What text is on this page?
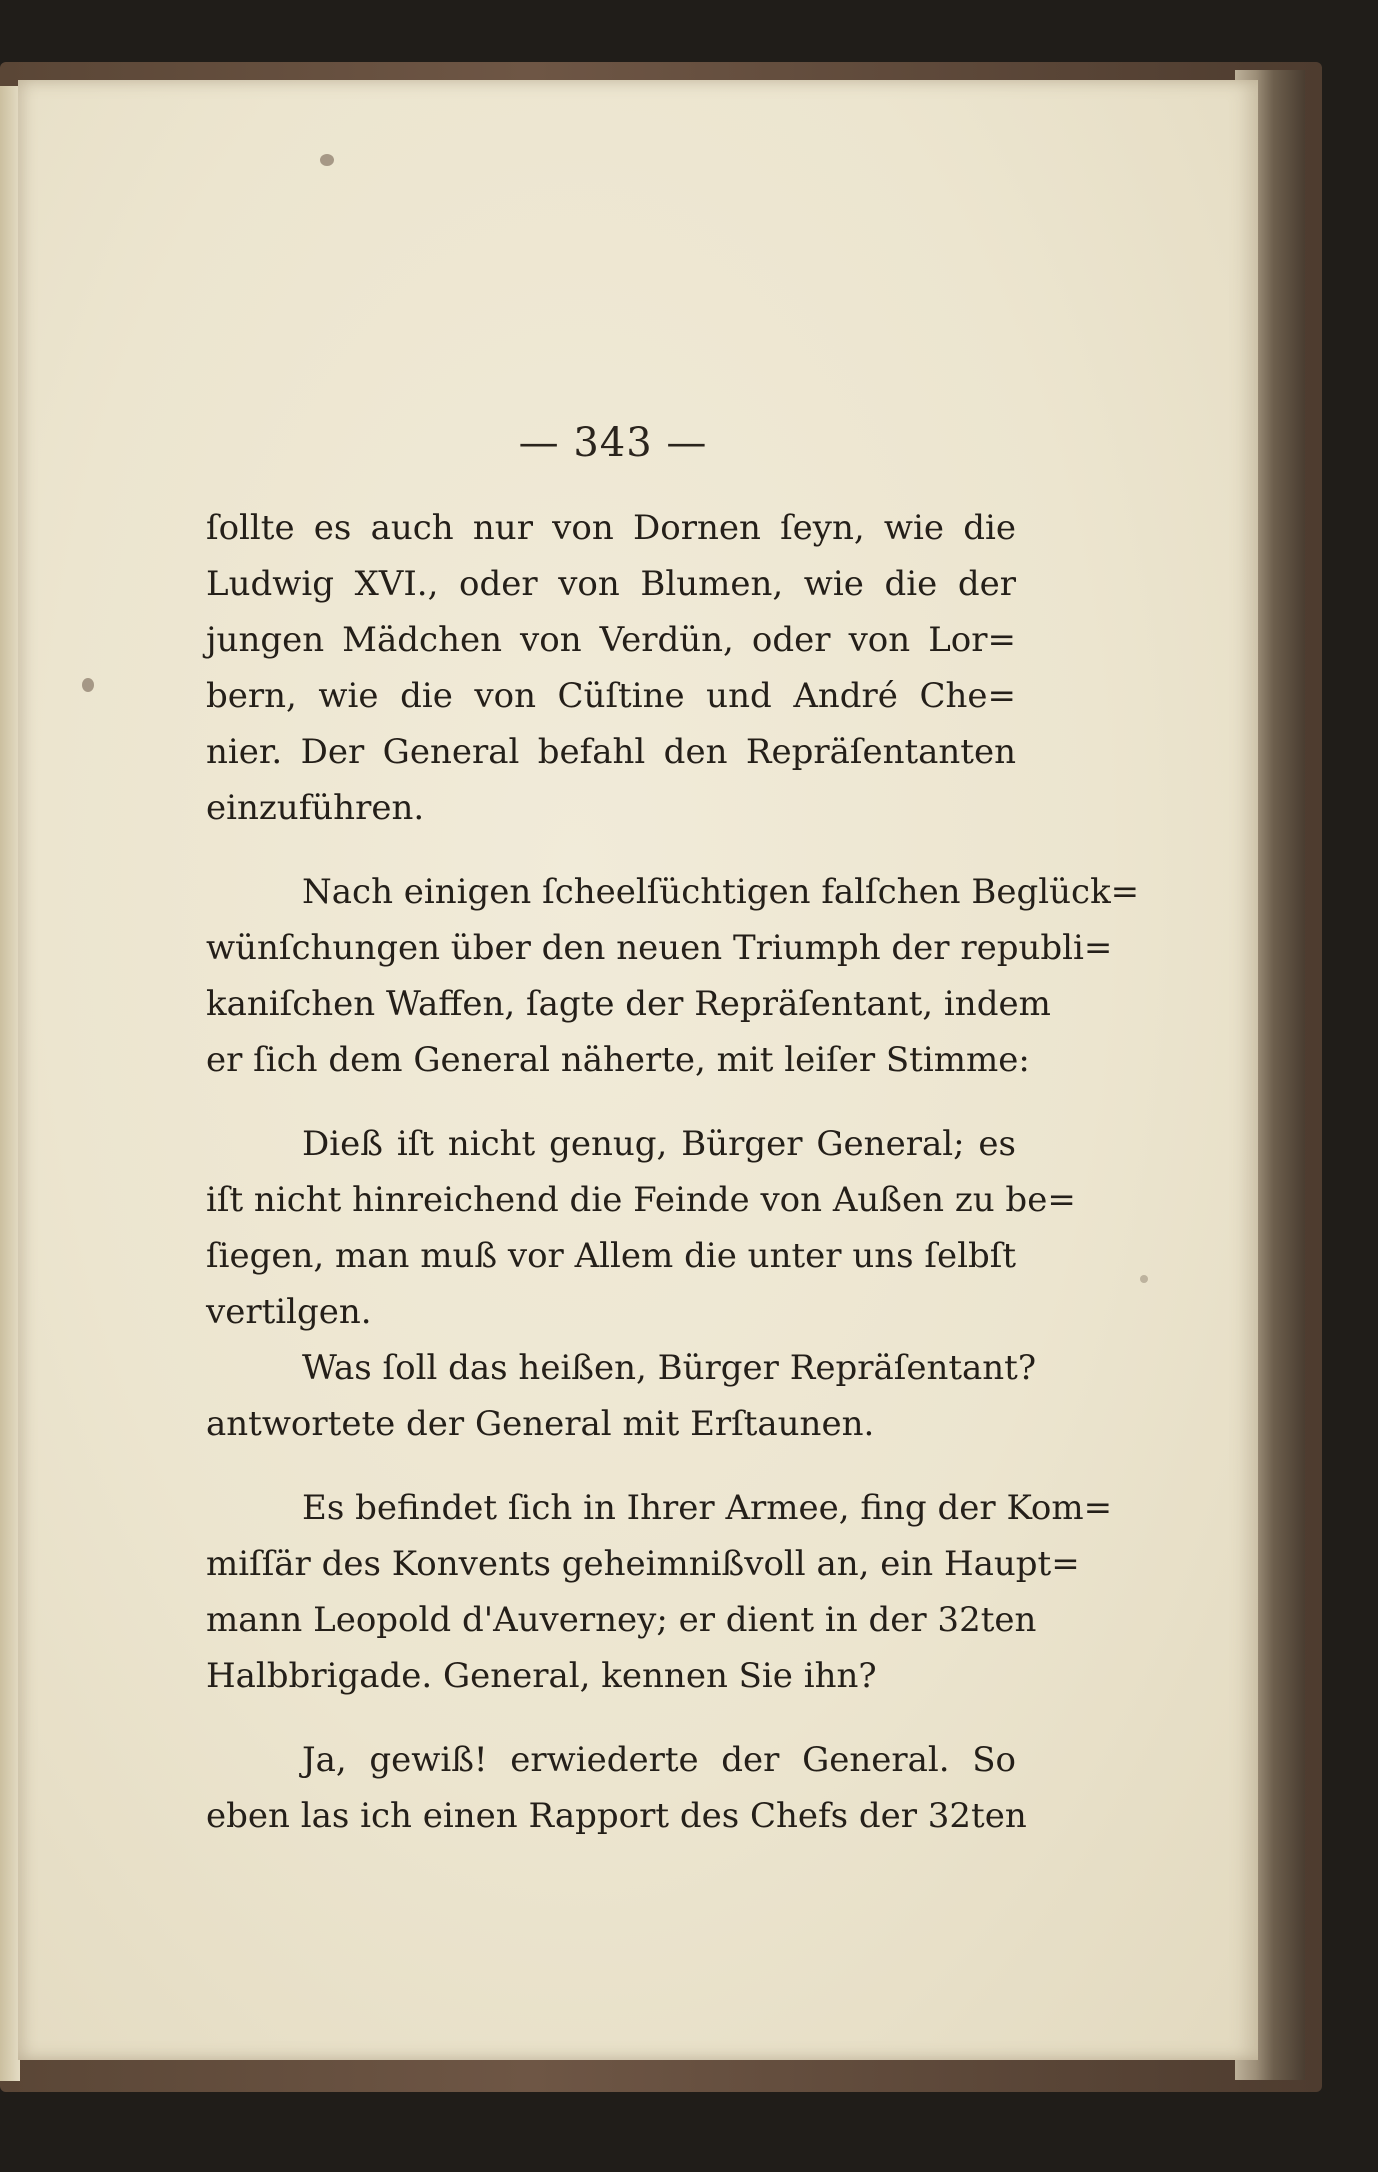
— 343 —
ſollte es auch nur von Dornen ſeyn, wie die
Ludwig XVI., oder von Blumen, wie die der
jungen Mädchen von Verdün, oder von Lor=
bern, wie die von Cüſtine und André Che=
nier. Der General befahl den Repräſentanten
einzuführen.
Nach einigen ſcheelſüchtigen falſchen Beglück=
wünſchungen über den neuen Triumph der republi=
kaniſchen Waffen, ſagte der Repräſentant, indem
er ſich dem General näherte, mit leiſer Stimme:
Dieß iſt nicht genug, Bürger General; es
iſt nicht hinreichend die Feinde von Außen zu be=
ſiegen, man muß vor Allem die unter uns ſelbſt
vertilgen.
Was ſoll das heißen, Bürger Repräſentant?
antwortete der General mit Erſtaunen.
Es befindet ſich in Ihrer Armee, fing der Kom=
miſſär des Konvents geheimnißvoll an, ein Haupt=
mann Leopold d'Auverney; er dient in der 32ten
Halbbrigade. General, kennen Sie ihn?
Ja, gewiß! erwiederte der General. So
eben las ich einen Rapport des Chefs der 32ten
